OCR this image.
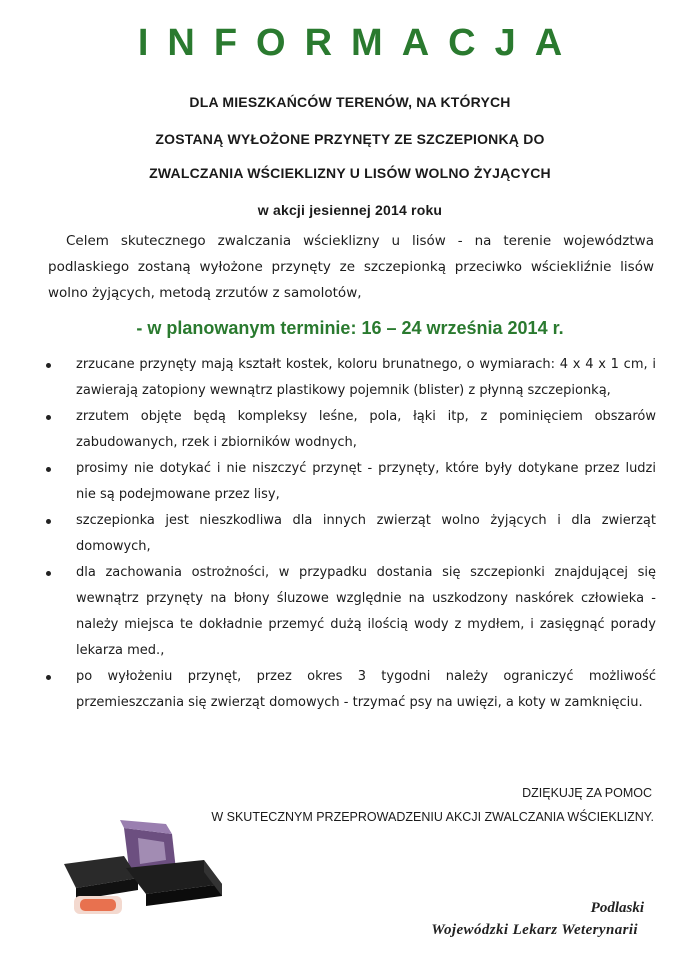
INFORMACJA
DLA MIESZKAŃCÓW TERENÓW, NA KTÓRYCH
ZOSTANĄ WYŁOŻONE PRZYNĘTY ZE SZCZEPIONKĄ DO
ZWALCZANIA WŚCIEKLIZNY U LISÓW WOLNO ŻYJĄCYCH
w akcji jesiennej 2014 roku
Celem skutecznego zwalczania wścieklizny u lisów - na terenie województwa podlaskiego zostaną wyłożone przynęty ze szczepionką przeciwko wściekliźnie lisów wolno żyjących, metodą zrzutów z samolotów,
- w planowanym terminie: 16 – 24 września 2014 r.
zrzucane przynęty mają kształt kostek, koloru brunatnego, o wymiarach: 4 x 4 x 1 cm, i zawierają zatopiony wewnątrz plastikowy pojemnik (blister) z płynną szczepionką,
zrzutem objęte będą kompleksy leśne, pola, łąki itp, z pominięciem obszarów zabudowanych, rzek i zbiorników wodnych,
prosimy nie dotykać i nie niszczyć przynęt - przynęty, które były dotykane przez ludzi nie są podejmowane przez lisy,
szczepionka jest nieszkodliwa dla innych zwierząt wolno żyjących i dla zwierząt domowych,
dla zachowania ostrożności, w przypadku dostania się szczepionki znajdującej się wewnątrz przynęty na błony śluzowe względnie na uszkodzony naskórek człowieka - należy miejsca te dokładnie przemyć dużą ilością wody z mydłem, i zasięgnąć porady lekarza med.,
po wyłożeniu przynęt, przez okres 3 tygodni należy ograniczyć możliwość przemieszczania się zwierząt domowych - trzymać psy na uwięzi, a koty w zamknięciu.
DZIĘKUJĘ ZA POMOC
W SKUTECZNYM PRZEPROWADZENIU AKCJI ZWALCZANIA WŚCIEKLIZNY.
Podlaski
Wojewódzki Lekarz Weterynarii
